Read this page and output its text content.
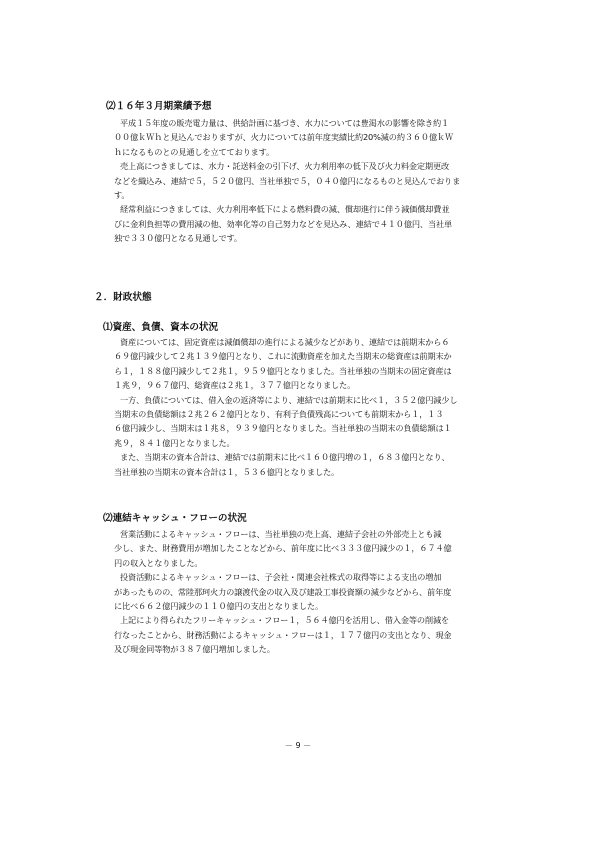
⑵１６年３月期業績予想
平成１５年度の販売電力量は、供給計画に基づき、水力については豊渇水の影響を除き約１
００億ｋＷｈと見込んでおりますが、火力については前年度実績比約20%減の約３６０億ｋＷ
ｈになるものとの見通しを立てております。
売上高につきましては、水力・託送料金の引下げ、火力利用率の低下及び火力料金定期更改
などを織込み、連結で５，５２０億円、当社単独で５，０４０億円になるものと見込んでおりま
す。
経常利益につきましては、火力利用率低下による燃料費の減、償却進行に伴う減価償却費並
びに金利負担等の費用減の他、効率化等の自己努力などを見込み、連結で４１０億円、当社単
独で３３０億円となる見通しです。
２．財政状態
⑴資産、負債、資本の状況
資産については、固定資産は減価償却の進行による減少などがあり、連結では前期末から６
６９億円減少して２兆１３９億円となり、これに流動資産を加えた当期末の総資産は前期末か
ら１，１８８億円減少して２兆１，９５９億円となりました。当社単独の当期末の固定資産は
１兆９，９６７億円、総資産は２兆１，３７７億円となりました。
一方、負債については、借入金の返済等により、連結では前期末に比べ１，３５２億円減少し
当期末の負債総額は２兆２６２億円となり、有利子負債残高についても前期末から１，１３
６億円減少し、当期末は１兆８，９３９億円となりました。当社単独の当期末の負債総額は１
兆９，８４１億円となりました。
また、当期末の資本合計は、連結では前期末に比べ１６０億円増の１，６８３億円となり、
当社単独の当期末の資本合計は１，５３６億円となりました。
⑵連結キャッシュ・フローの状況
営業活動によるキャッシュ・フローは、当社単独の売上高、連結子会社の外部売上とも減
少し、また、財務費用が増加したことなどから、前年度に比べ３３３億円減少の１，６７４億
円の収入となりました。
投資活動によるキャッシュ・フローは、子会社・関連会社株式の取得等による支出の増加
があったものの、常陸那珂火力の譲渡代金の収入及び建設工事投資額の減少などから、前年度
に比べ６６２億円減少の１１０億円の支出となりました。
上記により得られたフリーキャッシュ・フロー１，５６４億円を活用し、借入金等の削減を
行なったことから、財務活動によるキャッシュ・フローは１，１７７億円の支出となり、現金
及び現金同等物が３８７億円増加しました。
－ 9 －
